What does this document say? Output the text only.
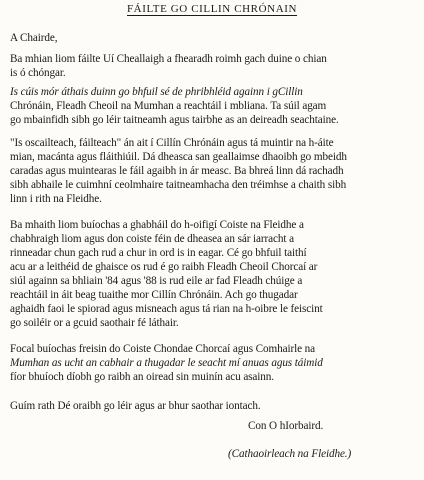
FÁILTE GO CILLIN CHRÓNAIN
A Chairde,
Ba mhian liom fáilte Uí Cheallaigh a fhearadh roimh gach duine o chian
is ó chóngar.
Is cúis mór áthais duinn go bhfuil sé de phribhléid againn i gCillin
Chrónáin, Fleadh Cheoil na Mumhan a reachtáil i mbliana. Ta súil agam
go mbainfidh sibh go léir taitneamh agus tairbhe as an deireadh seachtaine.
"Is oscailteach, fáilteach" án ait í Cillín Chrónáin agus tá muintir na h-áite
mian, macánta agus fláithiúil. Dá dheasca san geallaimse dhaoibh go mbeidh
caradas agus muintearas le fáil agaibh in ár measc. Ba bhreá linn dá rachadh
sibh abhaile le cuimhní ceolmhaire taitneamhacha den tréimhse a chaith sibh
linn i rith na Fleidhe.
Ba mhaith liom buíochas a ghabháil do h-oifigí Coiste na Fleidhe a
chabhraigh liom agus don coiste féin de dheasea an sár iarracht a
rinneadar chun gach rud a chur in ord is in eagar. Cé go bhfuil taithí
acu ar a leithéid de ghaisce os rud é go raibh Fleadh Cheoil Chorcaí ar
siúl againn sa bhliain '84 agus '88 is rud eile ar fad Fleadh chúige a
reachtáil in áit beag tuaithe mor Cillín Chrónáin. Ach go thugadar
aghaidh faoi le spiorad agus misneach agus tá rian na h-oibre le feiscint
go soiléir or a gcuid saothair fé láthair.
Focal buíochas freisin do Coiste Chondae Chorcaí agus Comhairle na
Mumhan as ucht an cabhair a thugadar le seacht mí anuas agus táimid
fíor bhuíoch díobh go raibh an oiread sin muinín acu asainn.
Guím rath Dé oraibh go léir agus ar bhur saothar iontach.
Con O hIorbaird.
(Cathaoirleach na Fleidhe.)
